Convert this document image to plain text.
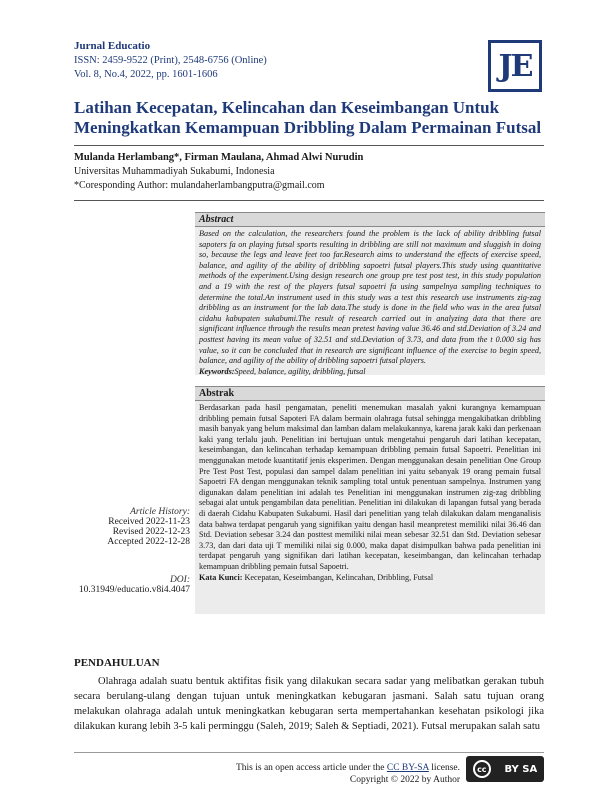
Jurnal Educatio
ISSN: 2459-9522 (Print), 2548-6756 (Online)
Vol. 8, No.4, 2022, pp. 1601-1606	JE
Latihan Kecepatan, Kelincahan dan Keseimbangan Untuk Meningkatkan Kemampuan Dribbling Dalam Permainan Futsal
Mulanda Herlambang*, Firman Maulana, Ahmad Alwi Nurudin
Universitas Muhammadiyah Sukabumi, Indonesia
*Coresponding Author: mulandaherlambangputra@gmail.com
Abstract
Based on the calculation, the researchers found the problem is the lack of ability dribbling futsal sapoters fa on playing futsal sports resulting in dribbling are still not maximum and sluggish in doing so, because the legs and leave feet too far.Research aims to understand the effects of exercise speed, balance, and agility of the ability of dribbling sapoetri futsal players.This study using quantitative methods of the experiment.Using design research one group pre test post test, in this study population and a 19 with the rest of the players futsal sapoetri fa using sampelnya sampling techniques to determine the total.An instrument used in this study was a test this research use instruments zig-zag dribbling as an instrument for the lab data.The study is done in the field who was in the area futsal cidahu kabupaten sukabumi.The result of research carried out in analyzing data that there are significant influence through the results mean pretest having value 36.46 and std.Deviation of 3.24 and posttest having its mean value of 32.51 and std.Deviation of 3.73, and data from the t 0.000 sig has value, so it can be concluded that in research are significant influence of the exercise to begin speed, balance, and agility of the ability of dribbling sapoetri futsal players.
Keywords:Speed, balance, agility, dribbling, futsal
Abstrak
Berdasarkan pada hasil pengamatan, peneliti menemukan masalah yakni kurangnya kemampuan dribbling pemain futsal Sapoteri FA dalam bermain olahraga futsal sehingga mengakibatkan dribbling masih banyak yang belum maksimal dan lamban dalam melakukannya, karena jarak kaki dan perkenaan kaki yang terlalu jauh. Penelitian ini bertujuan untuk mengetahui pengaruh dari latihan kecepatan, keseimbangan, dan kelincahan terhadap kemampuan dribbling pemain futsal Sapoetri. Penelitian ini menggunakan metode kuantitatif jenis eksperimen. Dengan menggunakan desain penelitian One Group Pre Test Post Test, populasi dan sampel dalam penelitian ini yaitu sebanyak 19 orang pemain futsal Sapoetri FA dengan menggunakan teknik sampling total untuk penentuan sampelnya. Instrumen yang digunakan dalam penelitian ini adalah tes Penelitian ini menggunakan instrumen zig-zag dribbling sebagai alat untuk pengambilan data penelitian. Penelitian ini dilakukan di lapangan futsal yang berada di daerah Cidahu Kabupaten Sukabumi. Hasil dari penelitian yang telah dilakukan dalam menganalisis data bahwa terdapat pengaruh yang signifikan yaitu dengan hasil meanpretest memiliki nilai 36.46 dan Std. Deviation sebesar 3.24 dan posttest memiliki nilai mean sebesar 32.51 dan Std. Deviation sebesar 3.73, dan dari data uji T memiliki nilai sig 0.000, maka dapat disimpulkan bahwa pada penelitian ini terdapat pengaruh yang signifikan dari latihan kecepatan, keseimbangan, dan kelincahan terhadap kemampuan dribbling pemain futsal Sapoetri.
Kata Kunci: Kecepatan, Keseimbangan, Kelincahan, Dribbling, Futsal
Article History:
Received 2022-11-23
Revised 2022-12-23
Accepted 2022-12-28
DOI:
10.31949/educatio.v8i4.4047
PENDAHULUAN
Olahraga adalah suatu bentuk aktifitas fisik yang dilakukan secara sadar yang melibatkan gerakan tubuh secara berulang-ulang dengan tujuan untuk meningkatkan kebugaran jasmani. Salah satu tujuan orang melakukan olahraga adalah untuk meningkatkan kebugaran serta mempertahankan kesehatan psikologi jika dilakukan kurang lebih 3-5 kali perminggu (Saleh, 2019; Saleh & Septiadi, 2021). Futsal merupakan salah satu
This is an open access article under the CC BY-SA license.
Copyright © 2022 by Author
cc	BY SA
